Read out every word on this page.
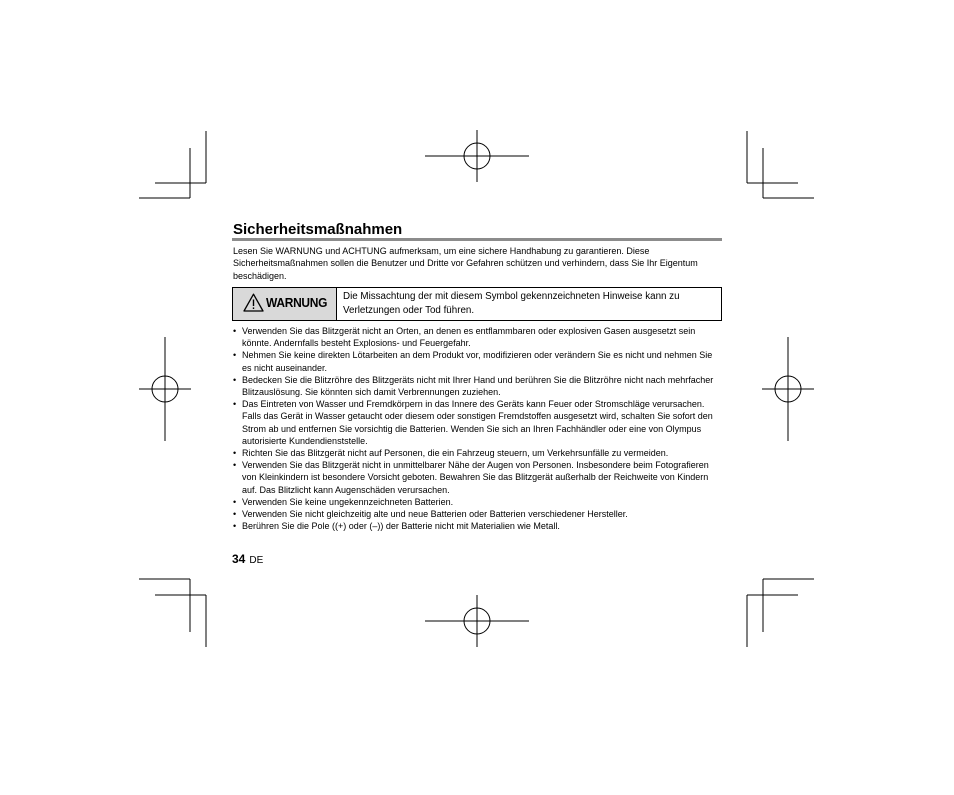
Sicherheitsmaßnahmen
Lesen Sie WARNUNG und ACHTUNG aufmerksam, um eine sichere Handhabung zu garantieren. Diese Sicherheitsmaßnahmen sollen die Benutzer und Dritte vor Gefahren schützen und verhindern, dass Sie Ihr Eigentum beschädigen.
WARNUNG Die Missachtung der mit diesem Symbol gekennzeichneten Hinweise kann zu Verletzungen oder Tod führen.
• Verwenden Sie das Blitzgerät nicht an Orten, an denen es entflammbaren oder explosiven Gasen ausgesetzt sein könnte. Andernfalls besteht Explosions- und Feuergefahr.
• Nehmen Sie keine direkten Lötarbeiten an dem Produkt vor, modifizieren oder verändern Sie es nicht und nehmen Sie es nicht auseinander.
• Bedecken Sie die Blitzröhre des Blitzgeräts nicht mit Ihrer Hand und berühren Sie die Blitzröhre nicht nach mehrfacher Blitzauslösung. Sie könnten sich damit Verbrennungen zuziehen.
• Das Eintreten von Wasser und Fremdkörpern in das Innere des Geräts kann Feuer oder Stromschläge verursachen. Falls das Gerät in Wasser getaucht oder diesem oder sonstigen Fremdstoffen ausgesetzt wird, schalten Sie sofort den Strom ab und entfernen Sie vorsichtig die Batterien. Wenden Sie sich an Ihren Fachhändler oder eine von Olympus autorisierte Kundendienststelle.
• Richten Sie das Blitzgerät nicht auf Personen, die ein Fahrzeug steuern, um Verkehrsunfälle zu vermeiden.
• Verwenden Sie das Blitzgerät nicht in unmittelbarer Nähe der Augen von Personen. Insbesondere beim Fotografieren von Kleinkindern ist besondere Vorsicht geboten. Bewahren Sie das Blitzgerät außerhalb der Reichweite von Kindern auf. Das Blitzlicht kann Augenschäden verursachen.
• Verwenden Sie keine ungekennzeichneten Batterien.
• Verwenden Sie nicht gleichzeitig alte und neue Batterien oder Batterien verschiedener Hersteller.
• Berühren Sie die Pole ((+) oder (–)) der Batterie nicht mit Materialien wie Metall.
34 DE
